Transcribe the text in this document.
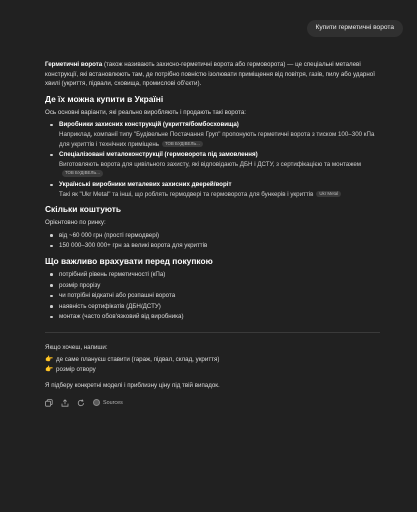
Купити герметичні ворота

Герметичні ворота (також називають захисно-герметичні ворота або гермоворота) — це спеціальні металеві конструкції, які встановлюють там, де потрібно повністю ізолювати приміщення від повітря, газів, пилу або ударної хвилі (укриття, підвали, сховища, промислові об'єкти).

Де їх можна купити в Україні

Ось основні варіанти, які реально виробляють і продають такі ворота:

Виробники захисних конструкцій (укриття/бомбосховища)
Наприклад, компанії типу "Будівельне Постачання Груп" пропонують герметичні ворота з тиском 100–300 кПа для укриттів і технічних приміщень ТОВ БУДІВЕЛЬ...
Спеціалізовані металоконструкції (гермоворота під замовлення)
Виготовляють ворота для цивільного захисту, які відповідають ДБН і ДСТУ, з сертифікацією та монтажемТОВ БУДІВЕЛЬ...
Українські виробники металевих захисних дверей/воріт
Такі як "Ukr Metal" та інші, що роблять гермодвері та гермоворота для бункерів і укриттів Ukr Metal
Скільки коштують

Орієнтовно по ринку:

від ~60 000 грн (прості гермодвері)
150 000–300 000+ грн за великі ворота для укриттів
Що важливо врахувати перед покупкою
потрібний рівень герметичності (кПа)
розмір прорізу
чи потрібні відкатні або розпашні ворота
наявність сертифікатів (ДБН/ДСТУ)
монтаж (часто обов'язковий від виробника)

Якщо хочеш, напиши:

👉 де саме плануєш ставити (гараж, підвал, склад, укриття)
👉 розмір отвору

Я підберу конкретні моделі і приблизну ціну під твій випадок.

Sources
